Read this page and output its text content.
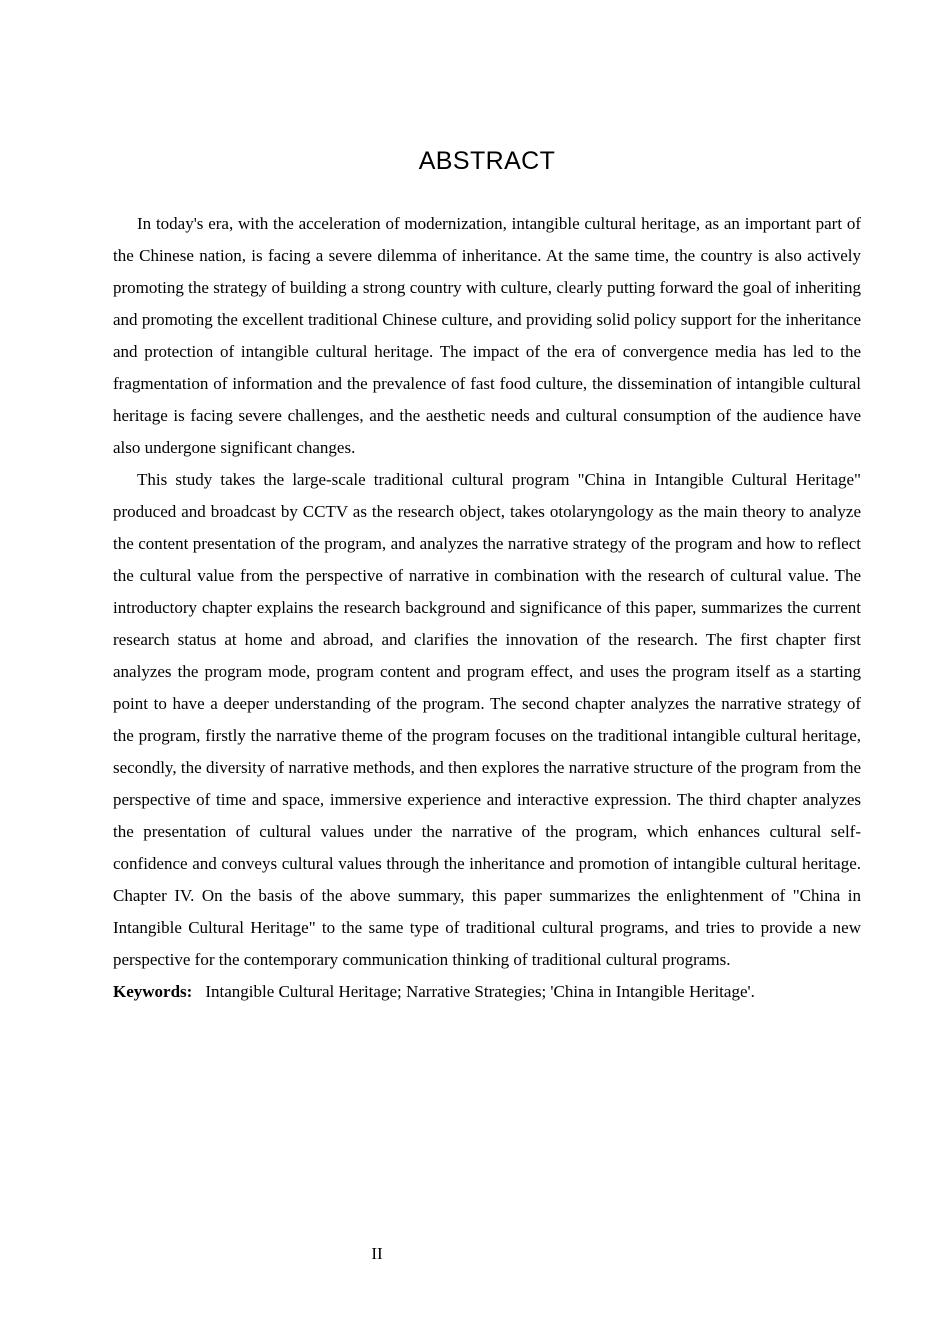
ABSTRACT

In today's era, with the acceleration of modernization, intangible cultural heritage, as an important part of the Chinese nation, is facing a severe dilemma of inheritance. At the same time, the country is also actively promoting the strategy of building a strong country with culture, clearly putting forward the goal of inheriting and promoting the excellent traditional Chinese culture, and providing solid policy support for the inheritance and protection of intangible cultural heritage. The impact of the era of convergence media has led to the fragmentation of information and the prevalence of fast food culture, the dissemination of intangible cultural heritage is facing severe challenges, and the aesthetic needs and cultural consumption of the audience have also undergone significant changes.

This study takes the large-scale traditional cultural program "China in Intangible Cultural Heritage" produced and broadcast by CCTV as the research object, takes otolaryngology as the main theory to analyze the content presentation of the program, and analyzes the narrative strategy of the program and how to reflect the cultural value from the perspective of narrative in combination with the research of cultural value. The introductory chapter explains the research background and significance of this paper, summarizes the current research status at home and abroad, and clarifies the innovation of the research. The first chapter first analyzes the program mode, program content and program effect, and uses the program itself as a starting point to have a deeper understanding of the program. The second chapter analyzes the narrative strategy of the program, firstly the narrative theme of the program focuses on the traditional intangible cultural heritage, secondly, the diversity of narrative methods, and then explores the narrative structure of the program from the perspective of time and space, immersive experience and interactive expression. The third chapter analyzes the presentation of cultural values under the narrative of the program, which enhances cultural self-confidence and conveys cultural values through the inheritance and promotion of intangible cultural heritage. Chapter IV. On the basis of the above summary, this paper summarizes the enlightenment of "China in Intangible Cultural Heritage" to the same type of traditional cultural programs, and tries to provide a new perspective for the contemporary communication thinking of traditional cultural programs.

Keywords: Intangible Cultural Heritage; Narrative Strategies; 'China in Intangible Heritage'.

II
